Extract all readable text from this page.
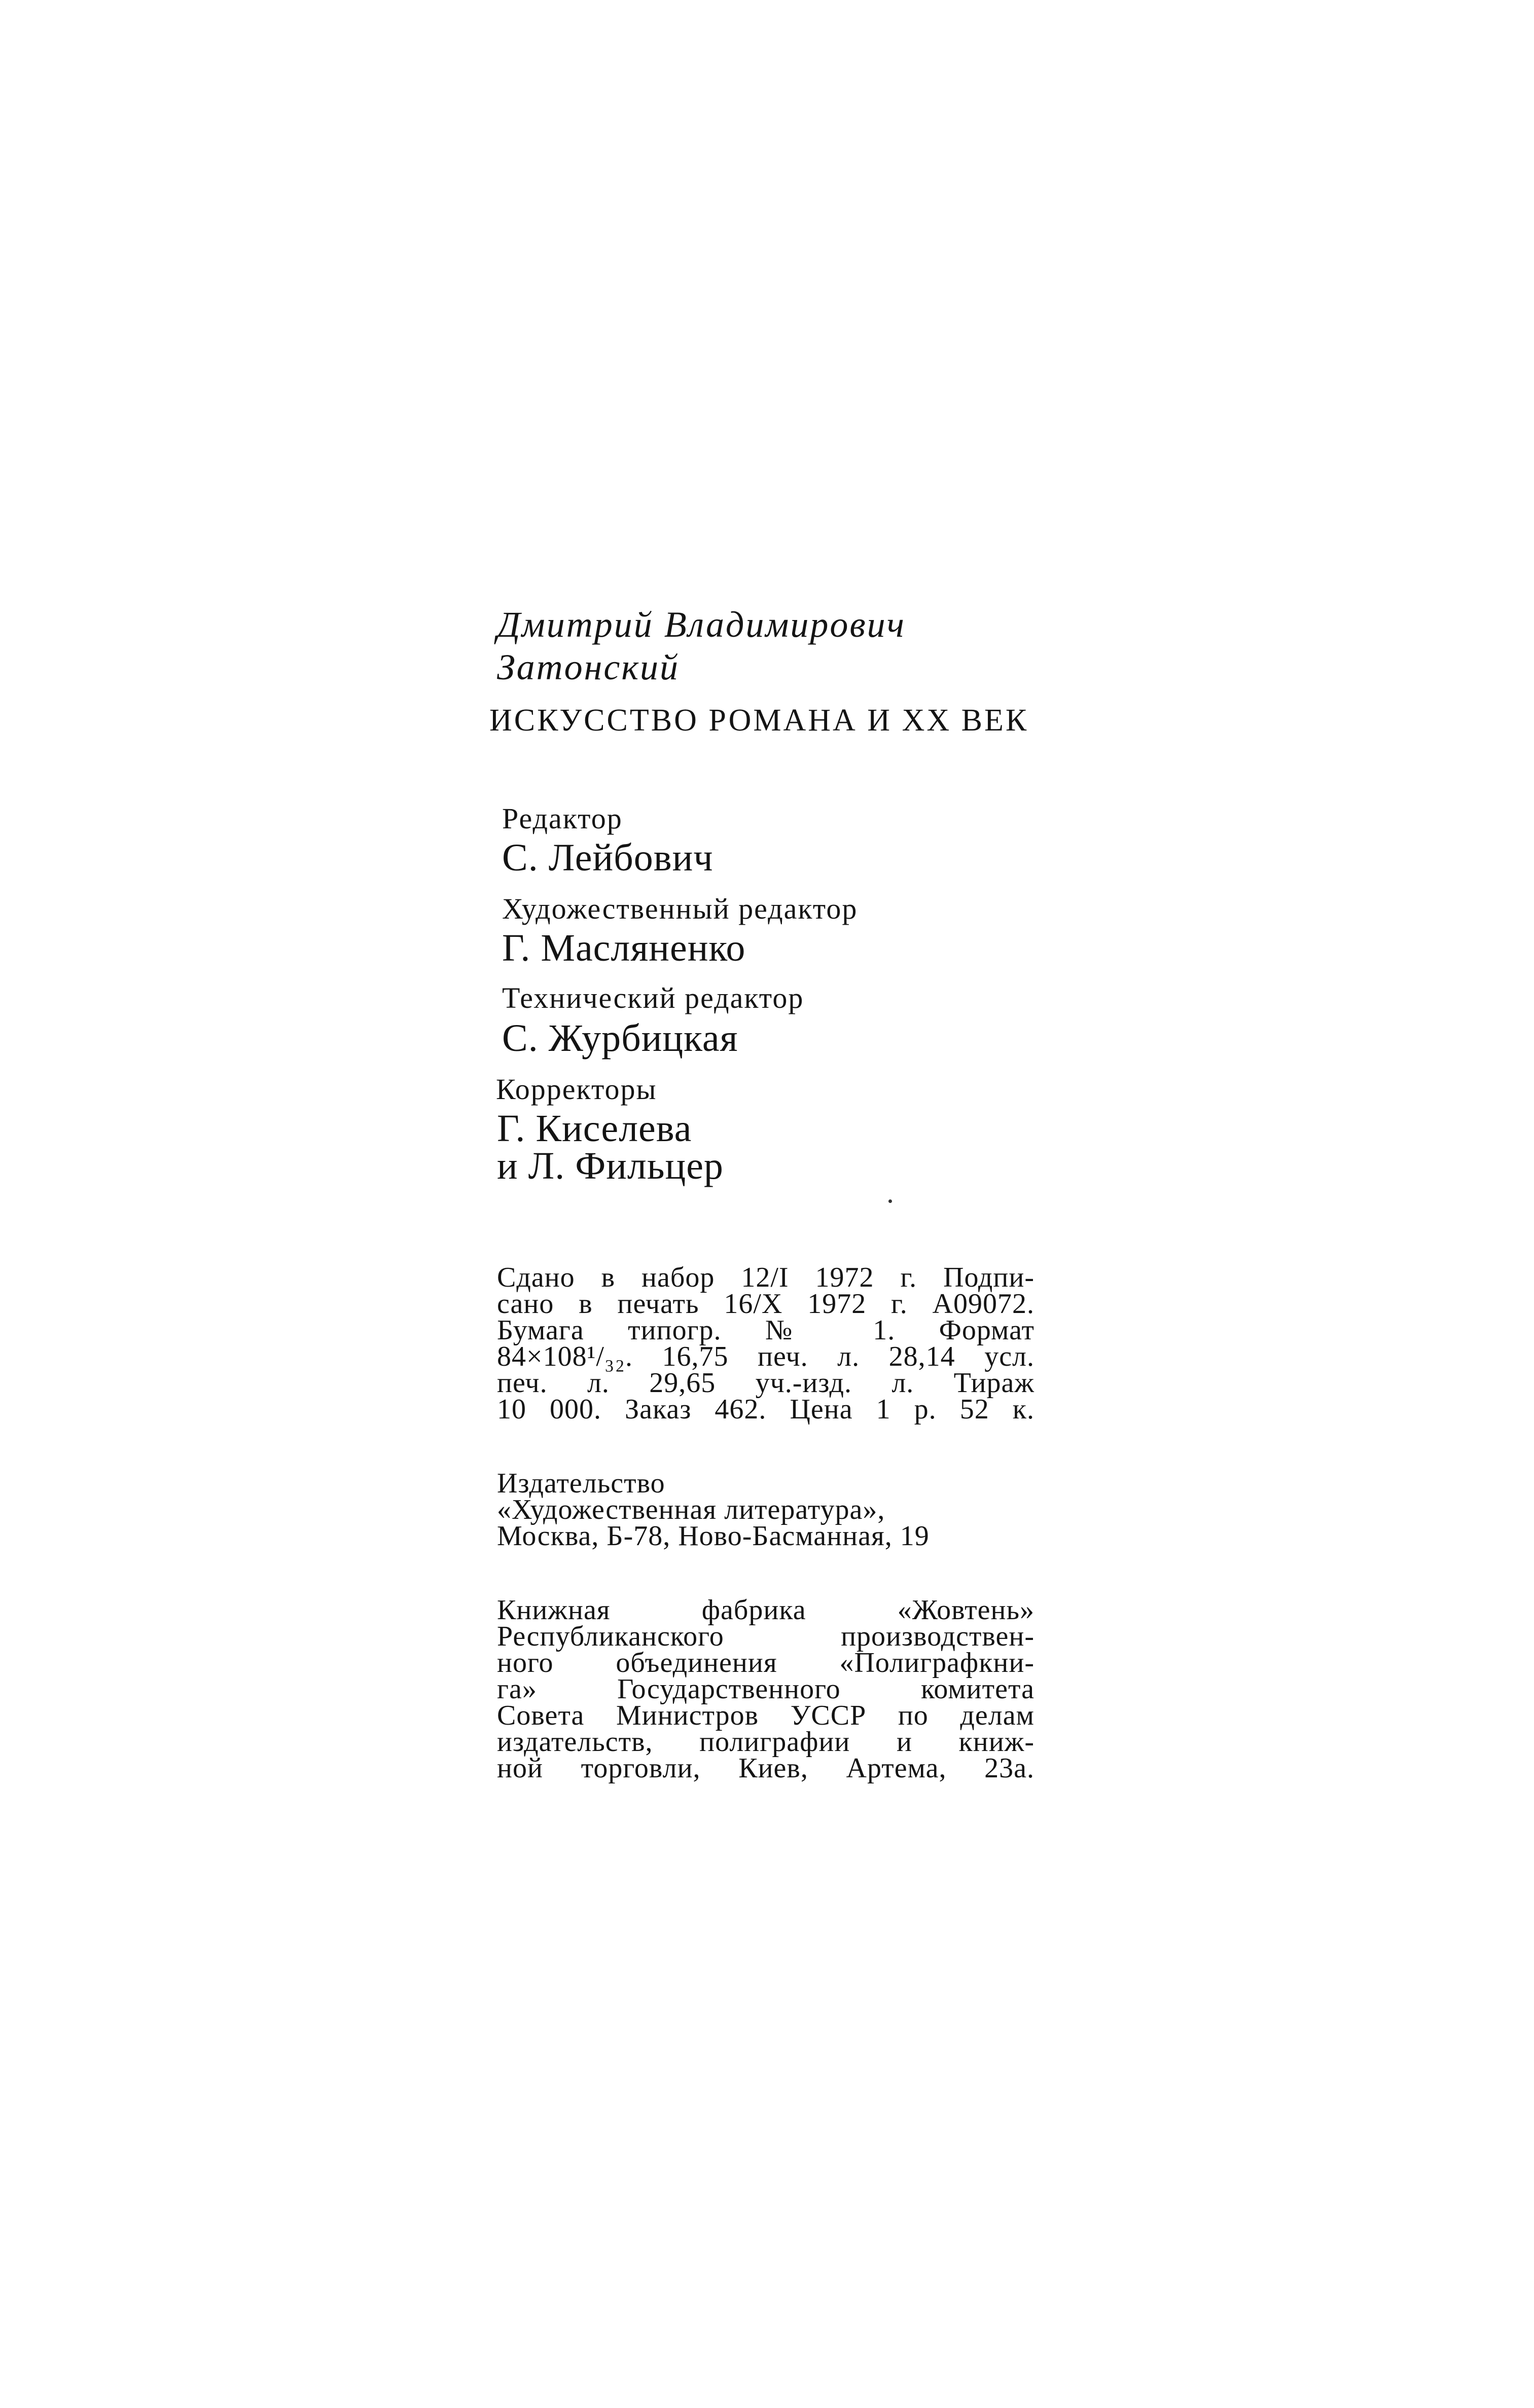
Дмитрий Владимирович
Затонский
ИСКУССТВО РОМАНА И XX ВЕК
Редактор
С. Лейбович
Художественный редактор
Г. Масляненко
Технический редактор
С. Журбицкая
Корректоры
Г. Киселева
и Л. Фильцер
Сдано в набор 12/I 1972 г. Подпи-
сано в печать 16/X 1972 г. А09072.
Бумага типогр. № 1. Формат
84×108¹/₃₂. 16,75 печ. л. 28,14 усл.
печ. л. 29,65 уч.-изд. л. Тираж
10 000. Заказ 462. Цена 1 р. 52 к.
Издательство
«Художественная литература»,
Москва, Б-78, Ново-Басманная, 19
Книжная фабрика «Жовтень»
Республиканского производствен-
ного объединения «Полиграфкни-
га» Государственного комитета
Совета Министров УССР по делам
издательств, полиграфии и книж-
ной торговли, Киев, Артема, 23а.
